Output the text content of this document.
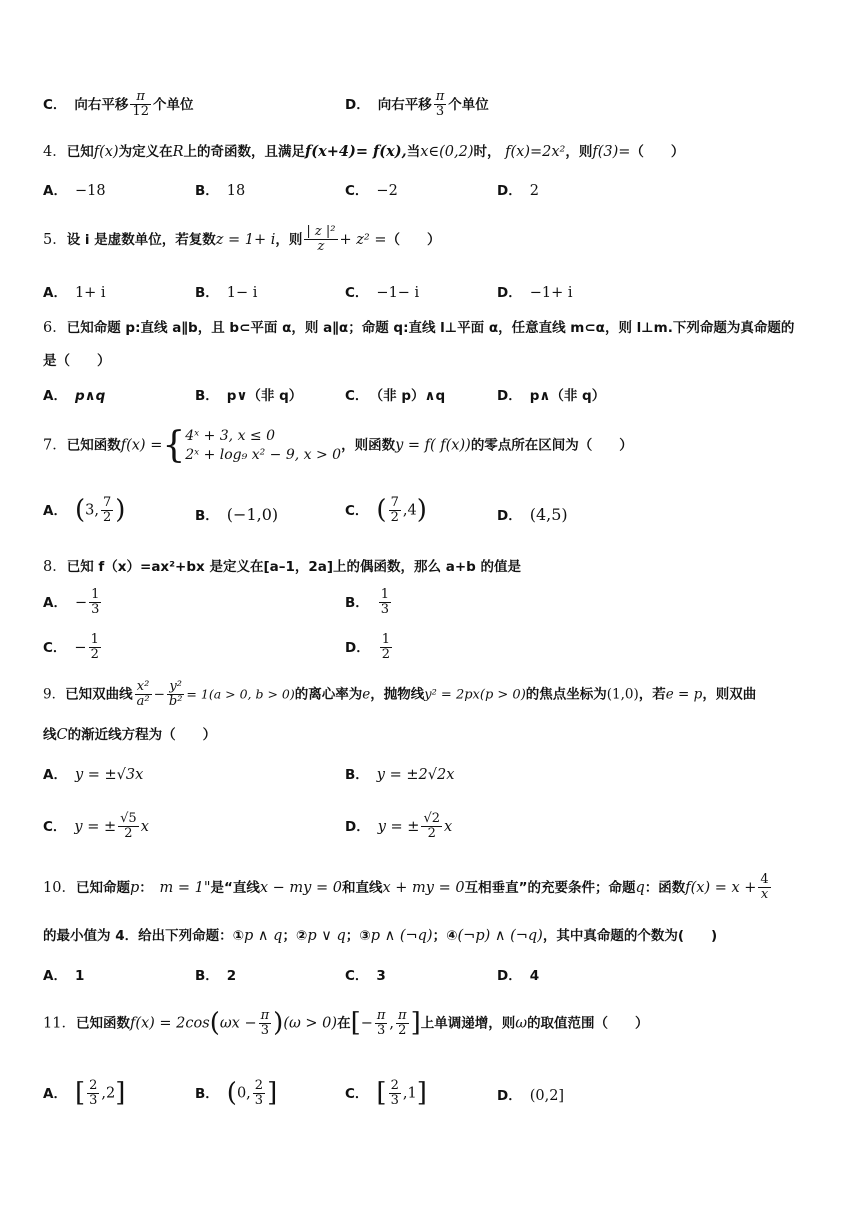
C． 向右平移 $\frac{\pi}{12}$ 个单位	D． 向右平移 $\frac{\pi}{3}$ 个单位
4．已知f(x)为定义在R上的奇函数，且满足f(x+4)= f(x),当x∈(0,2)时， f(x)=2x²，则f(3)=（　　）
A． −18	B． 18	C． −2	D． 2
5．设 i 是虚数单位，若复数z = 1+ i，则 $\frac{\text{| z |²}}{z} + z^2$ =（　　）
A． 1+ i	B． 1− i	C． −1− i	D． −1+ i
6．已知命题 p:直线 a∥b，且 b⊂平面 α，则 a∥α；命题 q:直线 l⊥平面 α，任意直线 m⊂α，则 l⊥m.下列命题为真命题的
是（　　）
A． p∧q	B． p∨（非 q）	C． （非 p）∧q	D． p∧（非 q）
7．已知函数f(x) ={ 4ˣ + 3, x ≤ 0
2ˣ + log₉ x² − 9, x > 0
，则函数y = f( f(x))的零点所在区间为（　　）
A． (3, $\frac{7}{2}$ )	B． (−1,0)	C． ( $\frac{7}{2} ,4$)	D． (4,5)
8．已知 f（x）=ax²+bx 是定义在[a–1，2a]上的偶函数，那么 a+b 的值是
A． − $\frac{1}{3}$	B． $\frac{1}{3}$
C． − $\frac{1}{2}$	D． $\frac{1}{2}$
9．已知双曲线 $\frac{\text{x²}}{\text{a²}} - \frac{\text{y²}}{\text{b²}} = 1(a > 0$, b > 0)的离心率为e，抛物线y² = 2px(p > 0)的焦点坐标为(1,0)，若e = p，则双曲
线C的渐近线方程为（　　）
A． y = ±√3x	B． y = ±2√2x
C． y = ± $\frac{√5}{2}$ x	D． y = ± $\frac{√2}{2}$ x
10．已知命题p：　m = 1"是“直线x − my = 0和直线x + my = 0互相垂直”的充要条件；命题q：函数$f(x) = x + \frac{4}{x}$
的最小值为 4．给出下列命题：①p ∧ q；②p ∨ q；③p ∧ (¬q)；④(¬p) ∧ (¬q)，其中真命题的个数为(　　)
A． 1	B． 2	C． 3	D． 4
11．已知函数$f(x) = 2\cos(\omega x - \frac{\pi}{3} )(\omega > 0)$在[− $\frac{\pi}{3}$ , $\frac{\pi}{2}$ ]上单调递增，则ω的取值范围（　　）
A． [ $\frac{2}{3} ,2$]	B． (0, $\frac{2}{3}$ ]	C． [ $\frac{2}{3} ,1$]	D． (0,2]
